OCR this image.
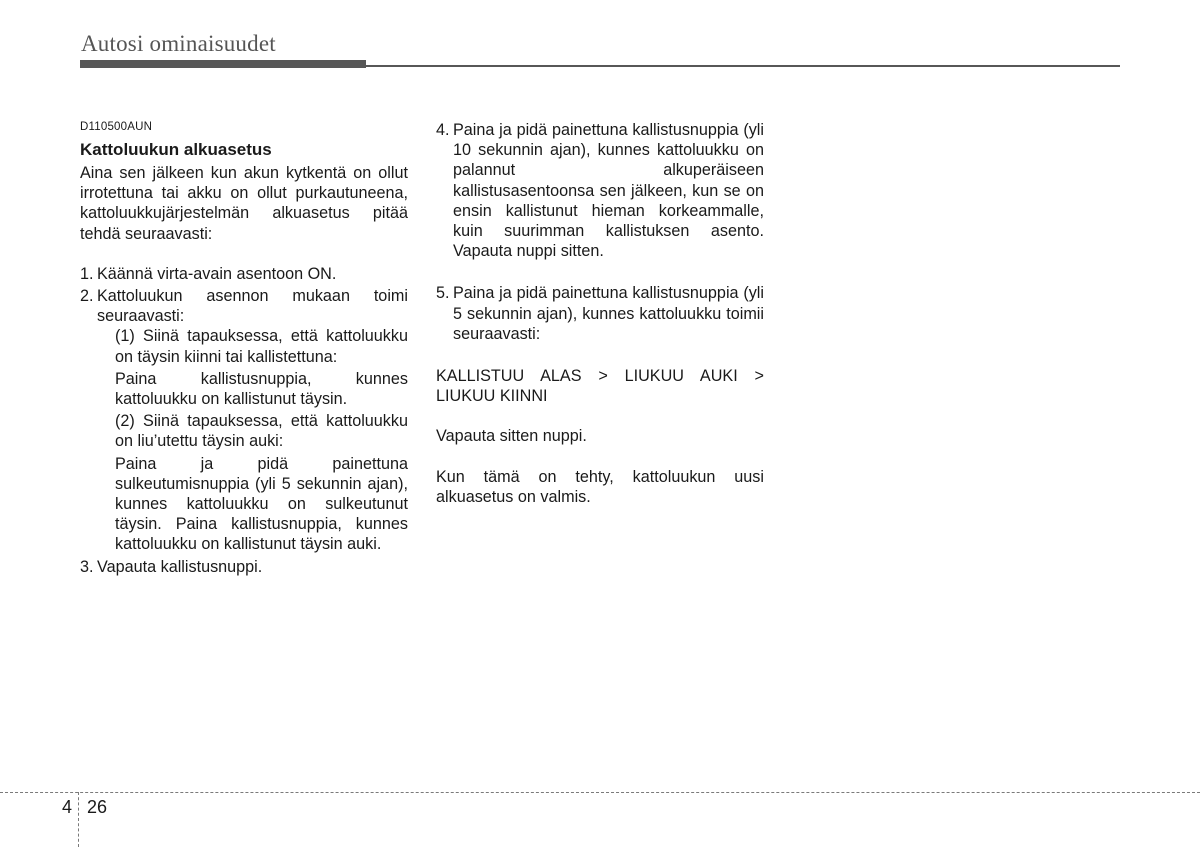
Autosi ominaisuudet

D110500AUN

Kattoluukun alkuasetus

Aina sen jälkeen kun akun kytkentä on ollut irrotettuna tai akku on ollut purkautuneena, kattoluukkujärjestelmän alkuasetus pitää tehdä seuraavasti:

1. Käännä virta-avain asentoon ON.

2. Kattoluukun asennon mukaan toimi seuraavasti:

(1) Siinä tapauksessa, että kattoluukku on täysin kiinni tai kallistettuna:

Paina kallistusnuppia, kunnes kattoluukku on kallistunut täysin.

(2) Siinä tapauksessa, että kattoluukku on liu’utettu täysin auki:

Paina ja pidä painettuna sulkeutumisnuppia (yli 5 sekunnin ajan), kunnes kattoluukku on sulkeutunut täysin. Paina kallistusnuppia, kunnes kattoluukku on kallistunut täysin auki.

3. Vapauta kallistusnuppi.

4. Paina ja pidä painettuna kallistusnuppia (yli 10 sekunnin ajan), kunnes kattoluukku on palannut alkuperäiseen kallistusasentoonsa sen jälkeen, kun se on ensin kallistunut hieman korkeammalle, kuin suurimman kallistuksen asento. Vapauta nuppi sitten.

5. Paina ja pidä painettuna kallistusnuppia (yli 5 sekunnin ajan), kunnes kattoluukku toimii seuraavasti:

KALLISTUU ALAS > LIUKUU AUKI > LIUKUU KIINNI

Vapauta sitten nuppi.

Kun tämä on tehty, kattoluukun uusi alkuasetus on valmis.

4 26
